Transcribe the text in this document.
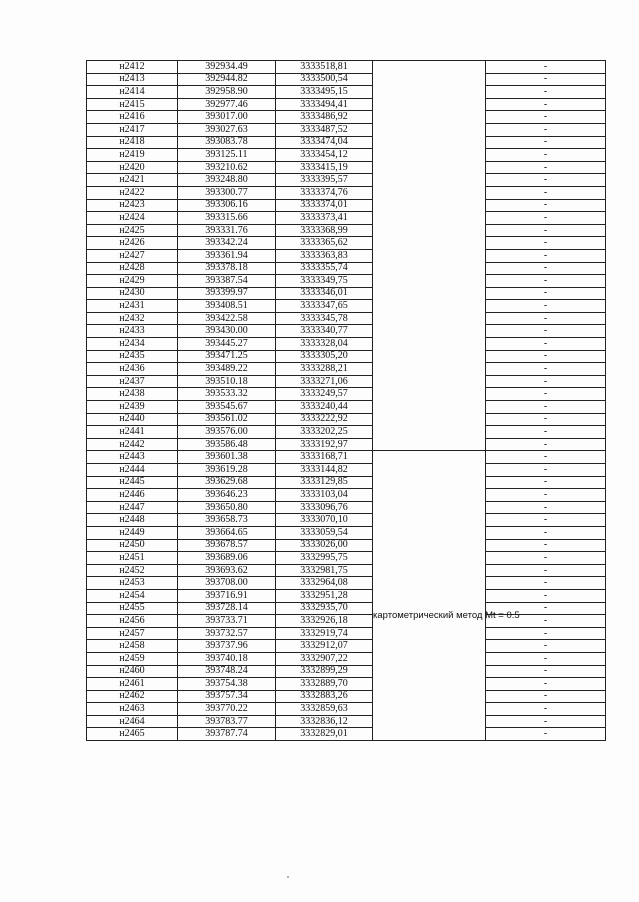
н2412	392934.49	3333518,81		-
н2413	392944.82	3333500,54		-
н2414	392958.90	3333495,15		-
н2415	392977.46	3333494,41		-
н2416	393017.00	3333486,92		-
н2417	393027.63	3333487,52		-
н2418	393083.78	3333474,04		-
н2419	393125.11	3333454,12		-
н2420	393210.62	3333415,19		-
н2421	393248.80	3333395,57		-
н2422	393300.77	3333374,76		-
н2423	393306.16	3333374,01		-
н2424	393315.66	3333373,41		-
н2425	393331.76	3333368,99		-
н2426	393342.24	3333365,62		-
н2427	393361.94	3333363,83		-
н2428	393378.18	3333355,74		-
н2429	393387.54	3333349,75		-
н2430	393399.97	3333346,01		-
н2431	393408.51	3333347,65		-
н2432	393422.58	3333345,78		-
н2433	393430.00	3333340,77		-
н2434	393445.27	3333328,04		-
н2435	393471.25	3333305,20		-
н2436	393489.22	3333288,21		-
н2437	393510.18	3333271,06		-
н2438	393533.32	3333249,57		-
н2439	393545.67	3333240,44		-
н2440	393561.02	3333222,92		-
н2441	393576.00	3333202,25		-
н2442	393586.48	3333192,97		-
н2443	393601.38	3333168,71	картометрический метод Mt = 0.5	-
н2444	393619.28	3333144,82		-
н2445	393629.68	3333129,85		-
н2446	393646.23	3333103,04		-
н2447	393650.80	3333096,76		-
н2448	393658.73	3333070,10		-
н2449	393664.65	3333059,54		-
н2450	393678.57	3333026,00		-
н2451	393689.06	3332995,75		-
н2452	393693.62	3332981,75		-
н2453	393708.00	3332964,08		-
н2454	393716.91	3332951,28		-
н2455	393728.14	3332935,70		-
н2456	393733.71	3332926,18		-
н2457	393732.57	3332919,74		-
н2458	393737.96	3332912,07		-
н2459	393740.18	3332907,22		-
н2460	393748.24	3332899,29		-
н2461	393754.38	3332889,70		-
н2462	393757.34	3332883,26		-
н2463	393770.22	3332859,63		-
н2464	393783.77	3332836,12		-
н2465	393787.74	3332829,01		-
